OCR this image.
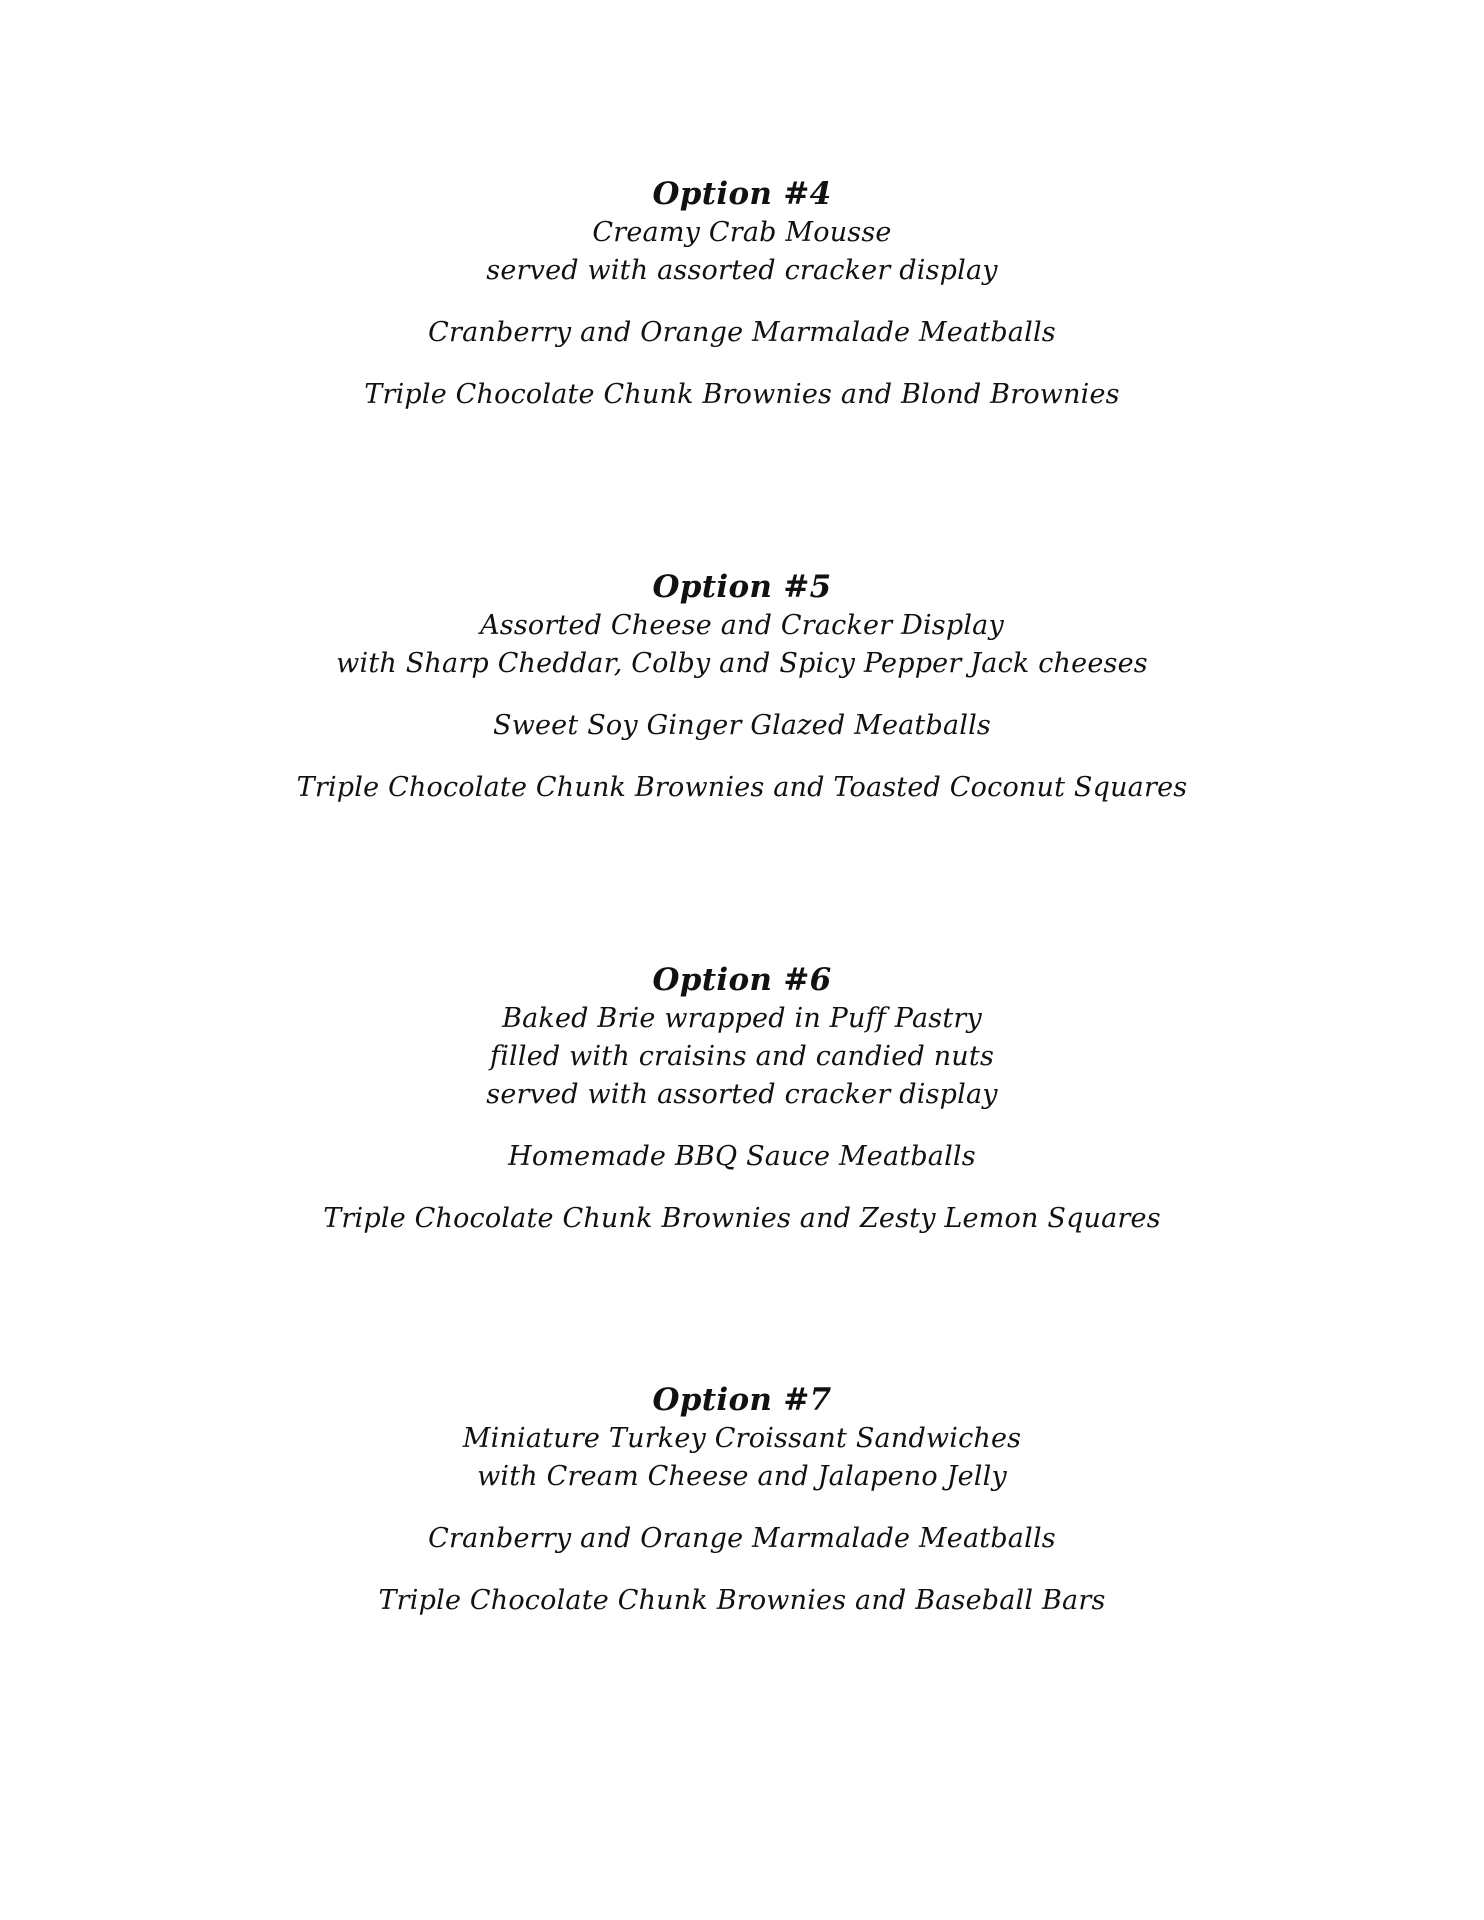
Option #4
Creamy Crab Mousse
served with assorted cracker display
Cranberry and Orange Marmalade Meatballs
Triple Chocolate Chunk Brownies and Blond Brownies
Option #5
Assorted Cheese and Cracker Display
with Sharp Cheddar, Colby and Spicy Pepper Jack cheeses
Sweet Soy Ginger Glazed Meatballs
Triple Chocolate Chunk Brownies and Toasted Coconut Squares
Option #6
Baked Brie wrapped in Puff Pastry
filled with craisins and candied nuts
served with assorted cracker display
Homemade BBQ Sauce Meatballs
Triple Chocolate Chunk Brownies and Zesty Lemon Squares
Option #7
Miniature Turkey Croissant Sandwiches
with Cream Cheese and Jalapeno Jelly
Cranberry and Orange Marmalade Meatballs
Triple Chocolate Chunk Brownies and Baseball Bars
